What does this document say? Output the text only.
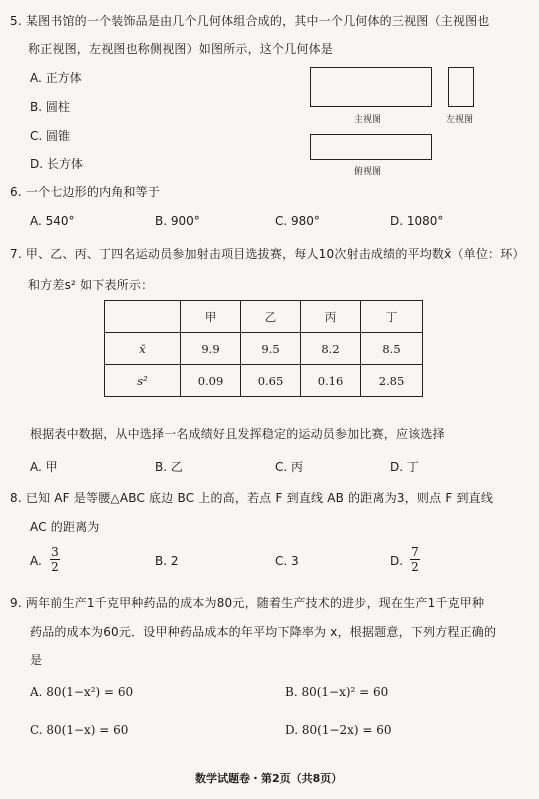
5. 某图书馆的一个装饰品是由几个几何体组合成的，其中一个几何体的三视图（主视图也
称正视图，左视图也称侧视图）如图所示，这个几何体是
A. 正方体
B. 圆柱
C. 圆锥
D. 长方体
主视图	左视图
俯视图
6. 一个七边形的内角和等于
A. 540°	B. 900°	C. 980°	D. 1080°
7. 甲、乙、丙、丁四名运动员参加射击项目选拔赛，每人10次射击成绩的平均数x̄（单位：环）
和方差s² 如下表所示：
	甲	乙	丙	丁
x̄	9.9	9.5	8.2	8.5
s²	0.09	0.65	0.16	2.85
根据表中数据，从中选择一名成绩好且发挥稳定的运动员参加比赛，应该选择
A. 甲	B. 乙	C. 丙	D. 丁
8. 已知 AF 是等腰△ABC 底边 BC 上的高，若点 F 到直线 AB 的距离为3，则点 F 到直线
AC 的距离为
A.
3
2	B. 2	C. 3	D.
7
2
9. 两年前生产1千克甲种药品的成本为80元，随着生产技术的进步，现在生产1千克甲种
药品的成本为60元．设甲种药品成本的年平均下降率为 x，根据题意，下列方程正确的
是
A. 80(1−x²) = 60	B. 80(1−x)² = 60
C. 80(1−x) = 60	D. 80(1−2x) = 60
数学试题卷・第2页（共8页）
